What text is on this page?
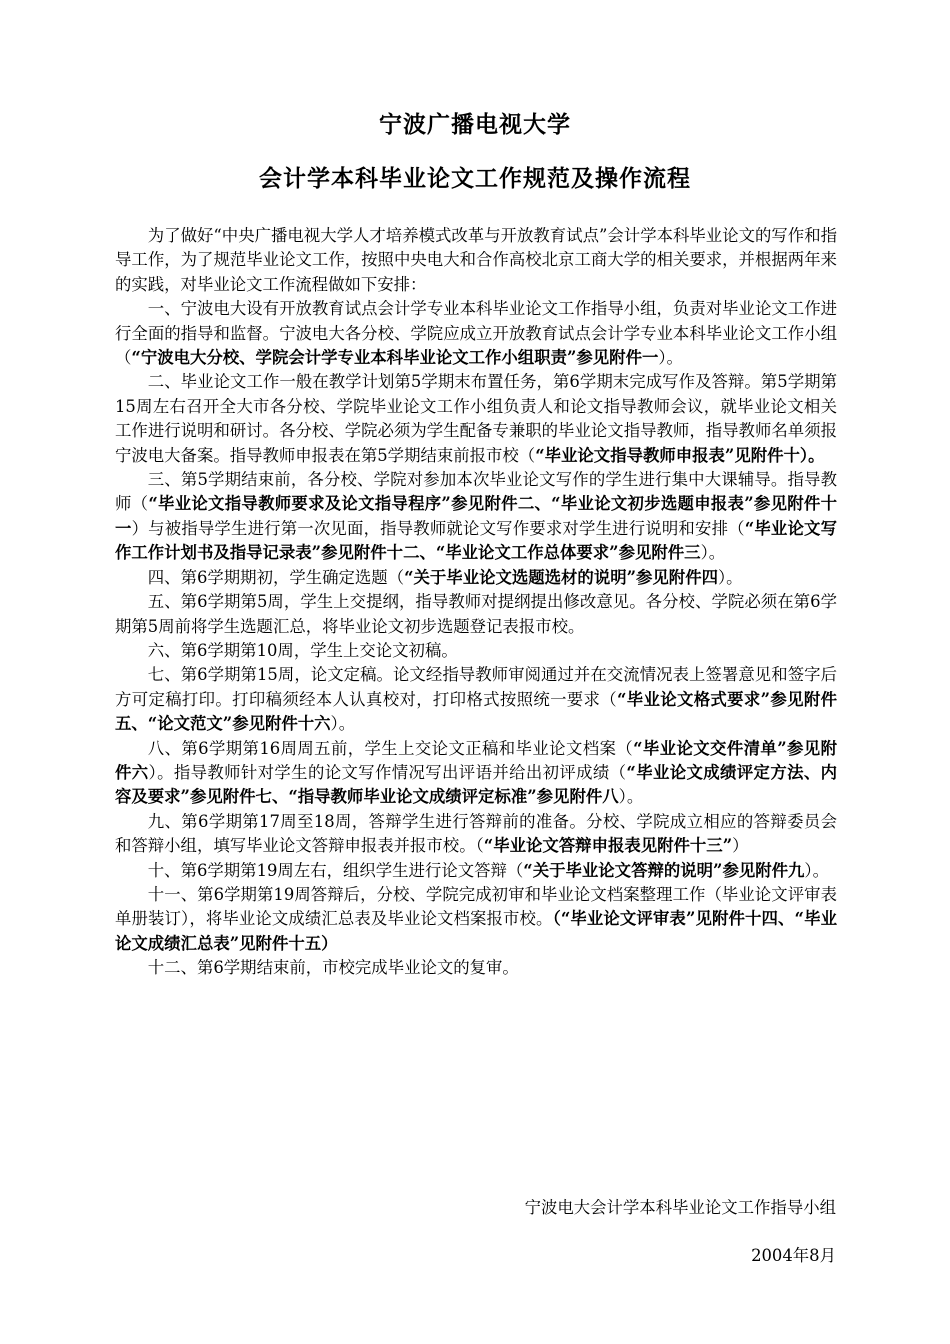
宁波广播电视大学
会计学本科毕业论文工作规范及操作流程

为了做好“中央广播电视大学人才培养模式改革与开放教育试点”会计学本科毕业论文的写作和指导工作，为了规范毕业论文工作，按照中央电大和合作高校北京工商大学的相关要求，并根据两年来的实践，对毕业论文工作流程做如下安排：

一、宁波电大设有开放教育试点会计学专业本科毕业论文工作指导小组，负责对毕业论文工作进行全面的指导和监督。宁波电大各分校、学院应成立开放教育试点会计学专业本科毕业论文工作小组（“宁波电大分校、学院会计学专业本科毕业论文工作小组职责”参见附件一）。

二、毕业论文工作一般在教学计划第5学期末布置任务，第6学期末完成写作及答辩。第5学期第15周左右召开全大市各分校、学院毕业论文工作小组负责人和论文指导教师会议，就毕业论文相关工作进行说明和研讨。各分校、学院必须为学生配备专兼职的毕业论文指导教师，指导教师名单须报宁波电大备案。指导教师申报表在第5学期结束前报市校（“毕业论文指导教师申报表”见附件十）。

三、第5学期结束前，各分校、学院对参加本次毕业论文写作的学生进行集中大课辅导。指导教师（“毕业论文指导教师要求及论文指导程序”参见附件二、“毕业论文初步选题申报表”参见附件十一）与被指导学生进行第一次见面，指导教师就论文写作要求对学生进行说明和安排（“毕业论文写作工作计划书及指导记录表”参见附件十二、“毕业论文工作总体要求”参见附件三）。

四、第6学期期初，学生确定选题（“关于毕业论文选题选材的说明”参见附件四）。

五、第6学期第5周，学生上交提纲，指导教师对提纲提出修改意见。各分校、学院必须在第6学期第5周前将学生选题汇总，将毕业论文初步选题登记表报市校。

六、第6学期第10周，学生上交论文初稿。

七、第6学期第15周，论文定稿。论文经指导教师审阅通过并在交流情况表上签署意见和签字后方可定稿打印。打印稿须经本人认真校对，打印格式按照统一要求（“毕业论文格式要求”参见附件五、“论文范文”参见附件十六）。

八、第6学期第16周周五前，学生上交论文正稿和毕业论文档案（“毕业论文交件清单”参见附件六）。指导教师针对学生的论文写作情况写出评语并给出初评成绩（“毕业论文成绩评定方法、内容及要求”参见附件七、“指导教师毕业论文成绩评定标准”参见附件八）。

九、第6学期第17周至18周，答辩学生进行答辩前的准备。分校、学院成立相应的答辩委员会和答辩小组，填写毕业论文答辩申报表并报市校。（“毕业论文答辩申报表见附件十三”）

十、第6学期第19周左右，组织学生进行论文答辩（“关于毕业论文答辩的说明”参见附件九）。

十一、第6学期第19周答辩后，分校、学院完成初审和毕业论文档案整理工作（毕业论文评审表单册装订），将毕业论文成绩汇总表及毕业论文档案报市校。（“毕业论文评审表”见附件十四、“毕业论文成绩汇总表”见附件十五）

十二、第6学期结束前，市校完成毕业论文的复审。

宁波电大会计学本科毕业论文工作指导小组
2004年8月
